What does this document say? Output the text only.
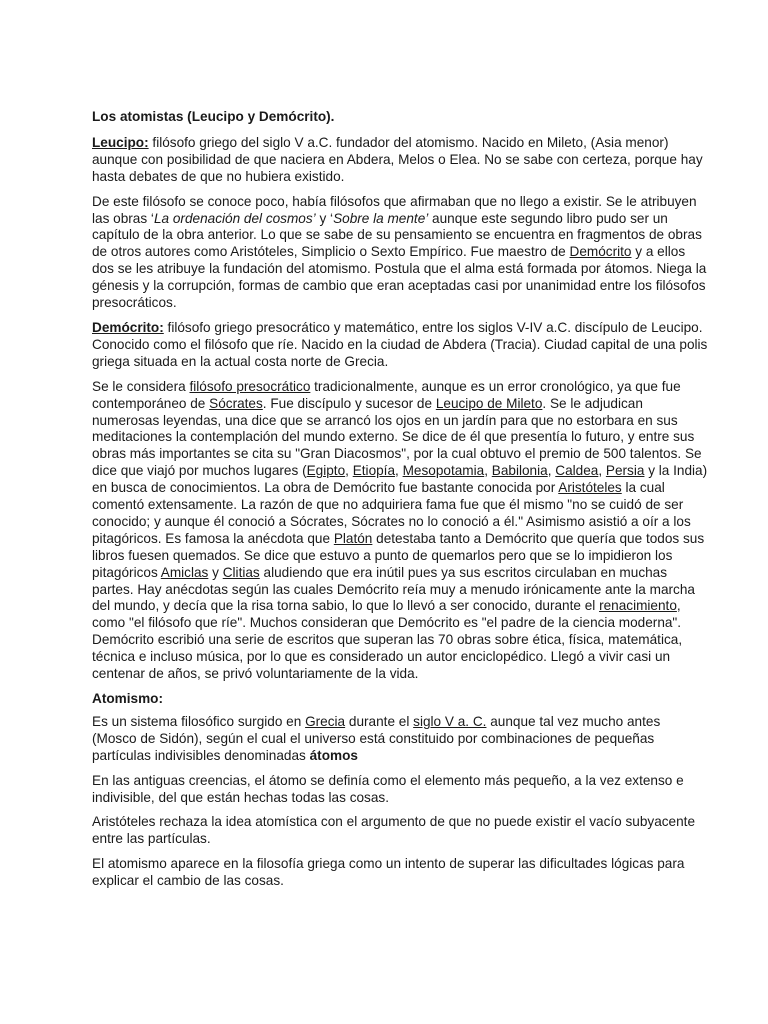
Los atomistas (Leucipo y Demócrito).

Leucipo: filósofo griego del siglo V a.C. fundador del atomismo. Nacido en Mileto, (Asia menor) aunque con posibilidad de que naciera en Abdera, Melos o Elea. No se sabe con certeza, porque hay hasta debates de que no hubiera existido.

De este filósofo se conoce poco, había filósofos que afirmaban que no llego a existir. Se le atribuyen las obras ‘La ordenación del cosmos’ y ‘Sobre la mente’ aunque este segundo libro pudo ser un capítulo de la obra anterior. Lo que se sabe de su pensamiento se encuentra en fragmentos de obras de otros autores como Aristóteles, Simplicio o Sexto Empírico. Fue maestro de Demócrito y a ellos dos se les atribuye la fundación del atomismo. Postula que el alma está formada por átomos. Niega la génesis y la corrupción, formas de cambio que eran aceptadas casi por unanimidad entre los filósofos presocráticos.

Demócrito: filósofo griego presocrático y matemático, entre los siglos V-IV a.C. discípulo de Leucipo. Conocido como el filósofo que ríe. Nacido en la ciudad de Abdera (Tracia). Ciudad capital de una polis griega situada en la actual costa norte de Grecia.

Se le considera filósofo presocrático tradicionalmente, aunque es un error cronológico, ya que fue contemporáneo de Sócrates. Fue discípulo y sucesor de Leucipo de Mileto. Se le adjudican numerosas leyendas, una dice que se arrancó los ojos en un jardín para que no estorbara en sus meditaciones la contemplación del mundo externo. Se dice de él que presentía lo futuro, y entre sus obras más importantes se cita su "Gran Diacosmos", por la cual obtuvo el premio de 500 talentos. Se dice que viajó por muchos lugares (Egipto, Etiopía, Mesopotamia, Babilonia, Caldea, Persia y la India) en busca de conocimientos. La obra de Demócrito fue bastante conocida por Aristóteles la cual comentó extensamente. La razón de que no adquiriera fama fue que él mismo "no se cuidó de ser conocido; y aunque él conoció a Sócrates, Sócrates no lo conoció a él." Asimismo asistió a oír a los pitagóricos. Es famosa la anécdota que Platón detestaba tanto a Demócrito que quería que todos sus libros fuesen quemados. Se dice que estuvo a punto de quemarlos pero que se lo impidieron los pitagóricos Amiclas y Clitias aludiendo que era inútil pues ya sus escritos circulaban en muchas partes. Hay anécdotas según las cuales Demócrito reía muy a menudo irónicamente ante la marcha del mundo, y decía que la risa torna sabio, lo que lo llevó a ser conocido, durante el renacimiento, como "el filósofo que ríe". Muchos consideran que Demócrito es "el padre de la ciencia moderna". Demócrito escribió una serie de escritos que superan las 70 obras sobre ética, física, matemática, técnica e incluso música, por lo que es considerado un autor enciclopédico. Llegó a vivir casi un centenar de años, se privó voluntariamente de la vida.

Atomismo:

Es un sistema filosófico surgido en Grecia durante el siglo V a. C. aunque tal vez mucho antes (Mosco de Sidón), según el cual el universo está constituido por combinaciones de pequeñas partículas indivisibles denominadas átomos

En las antiguas creencias, el átomo se definía como el elemento más pequeño, a la vez extenso e indivisible, del que están hechas todas las cosas.

Aristóteles rechaza la idea atomística con el argumento de que no puede existir el vacío subyacente entre las partículas.

El atomismo aparece en la filosofía griega como un intento de superar las dificultades lógicas para explicar el cambio de las cosas.
